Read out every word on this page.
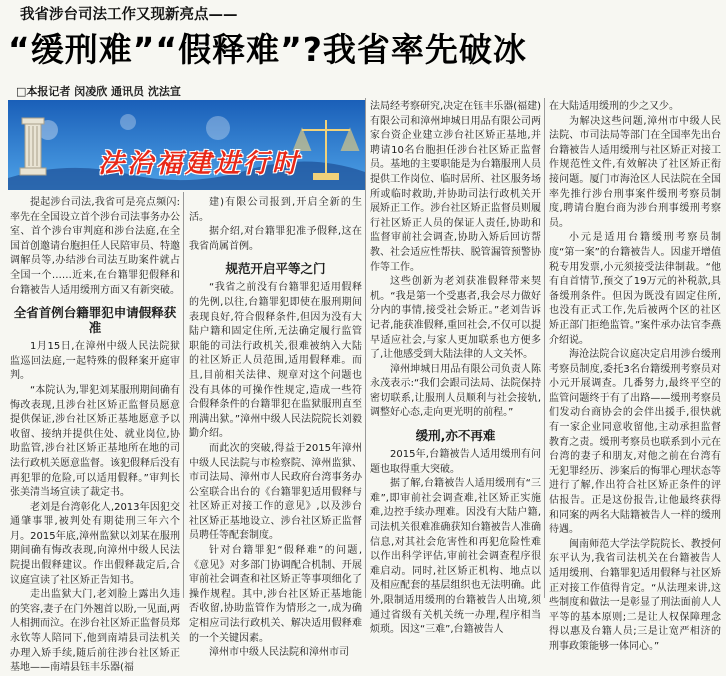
我省涉台司法工作又现新亮点——
“缓刑难”“假释难”?我省率先破冰
□本报记者 闵凌欣 通讯员 沈法宣
法治福建进行时

提起涉台司法,我省可是亮点频闪:率先在全国设立首个涉台司法事务办公室、首个涉台审判庭和涉台法庭,在全国首创邀请台胞担任人民陪审员、特邀调解员等,办结涉台司法互助案件就占全国一个……近来,在台籍罪犯假释和台籍被告人适用缓刑方面又有新突破。

全省首例台籍罪犯申请假释获准

1月15日,在漳州中级人民法院狱监巡回法庭,一起特殊的假释案开庭审判。

“本院认为,罪犯刘某服刑期间确有悔改表现,且涉台社区矫正监督员愿意提供保证,涉台社区矫正基地愿意予以收留、接纳并提供住处、就业岗位,协助监管,涉台社区矫正基地所在地的司法行政机关愿意监督。该犯假释后没有再犯罪的危险,可以适用假释。”审判长张美清当场宣读了裁定书。

老刘是台湾彰化人,2013年因犯交通肇事罪,被判处有期徒刑三年六个月。2015年底,漳州监狱以刘某在服刑期间确有悔改表现,向漳州中级人民法院提出假释建议。作出假释裁定后,合议庭宣读了社区矫正告知书。

走出监狱大门,老刘脸上露出久违的笑容,妻子在门外翘首以盼,一见面,两人相拥而泣。在涉台社区矫正监督员郑永钦等人陪同下,他到南靖县司法机关办理入矫手续,随后前往涉台社区矫正基地——南靖县钰丰乐器(福

建)有限公司报到,开启全新的生活。

据介绍,对台籍罪犯准予假释,这在我省尚属首例。

规范开启平等之门

“我省之前没有台籍罪犯适用假释的先例,以往,台籍罪犯即使在服刑期间表现良好,符合假释条件,但因为没有大陆户籍和固定住所,无法确定履行监管职能的司法行政机关,很难被纳入大陆的社区矫正人员范围,适用假释难。而且,目前相关法律、规章对这个问题也没有具体的可操作性规定,造成一些符合假释条件的台籍罪犯在监狱服刑直至刑满出狱。”漳州中级人民法院院长刘毅勤介绍。

而此次的突破,得益于2015年漳州中级人民法院与市检察院、漳州监狱、市司法局、漳州市人民政府台湾事务办公室联合出台的《台籍罪犯适用假释与社区矫正对接工作的意见》,以及涉台社区矫正基地设立、涉台社区矫正监督员聘任等配套制度。

针对台籍罪犯“假释难”的问题,《意见》对多部门协调配合机制、开展审前社会调查和社区矫正等事项细化了操作规程。其中,涉台社区矫正基地能否收留,协助监管作为情形之一,成为确定相应司法行政机关、解决适用假释难的一个关键因素。

漳州市中级人民法院和漳州市司

法局经考察研究,决定在钰丰乐器(福建)有限公司和漳州坤城日用品有限公司两家台资企业建立涉台社区矫正基地,并聘请10名台胞担任涉台社区矫正监督员。基地的主要职能是为台籍服刑人员提供工作岗位、临时居所、社区服务场所或临时救助,并协助司法行政机关开展矫正工作。涉台社区矫正监督员则履行社区矫正人员的保证人责任,协助和监督审前社会调查,协助入矫后回访帮教、社会适应性帮扶、脱管漏管预警协作等工作。

这些创新为老刘获准假释带来契机。“我是第一个受惠者,我会尽力做好分内的事情,接受社会矫正。”老刘告诉记者,能获准假释,重回社会,不仅可以提早适应社会,与家人更加联系也方便多了,让他感受到大陆法律的人文关怀。

漳州坤城日用品有限公司负责人陈永茂表示:“我们会跟司法局、法院保持密切联系,让服刑人员顺利与社会接轨,调整好心态,走向更光明的前程。”

缓刑,亦不再难

2015年,台籍被告人适用缓刑有问题也取得重大突破。

据了解,台籍被告人适用缓刑有“三难”,即审前社会调查难,社区矫正实施难,边控手续办理难。因没有大陆户籍,司法机关很难准确获知台籍被告人准确信息,对其社会危害性和再犯危险性难以作出科学评估,审前社会调查程序很难启动。同时,社区矫正机构、地点以及相应配套的基层组织也无法明确。此外,限制适用缓刑的台籍被告人出境,须通过省级有关机关统一办理,程序相当烦琐。因这“三难”,台籍被告人

在大陆适用缓刑的少之又少。

为解决这些问题,漳州市中级人民法院、市司法局等部门在全国率先出台台籍被告人适用缓刑与社区矫正对接工作规范性文件,有效解决了社区矫正衔接问题。厦门市海沧区人民法院在全国率先推行涉台刑事案件缓刑考察员制度,聘请台胞台商为涉台刑事缓刑考察员。

小元是适用台籍缓刑考察员制度“第一案”的台籍被告人。因虚开增值税专用发票,小元须接受法律制裁。“他有自首情节,预交了19万元的补税款,具备缓刑条件。但因为既没有固定住所,也没有正式工作,先后被两个区的社区矫正部门拒绝监管。”案件承办法官李燕介绍说。

海沧法院合议庭决定启用涉台缓刑考察员制度,委托3名台籍缓刑考察员对小元开展调查。几番努力,最终平空的监管问题终于有了出路——缓刑考察员们发动台商协会的会伴出援手,很快就有一家企业同意收留他,主动承担监督教育之责。缓刑考察员也联系到小元在台湾的妻子和朋友,对他之前在台湾有无犯罪经历、涉案后的悔罪心理状态等进行了解,作出符合社区矫正条件的评估报告。正是这份报告,让他最终获得和同案的两名大陆籍被告人一样的缓刑待遇。

闽南师范大学法学院院长、教授何东平认为,我省司法机关在台籍被告人适用缓刑、台籍罪犯适用假释与社区矫正对接工作值得肯定。“从法理来讲,这些制度和做法一是彰显了刑法面前人人平等的基本原则;二是让人权保障理念得以惠及台籍人员;三是让宽严相济的刑事政策能够一体同心。”
